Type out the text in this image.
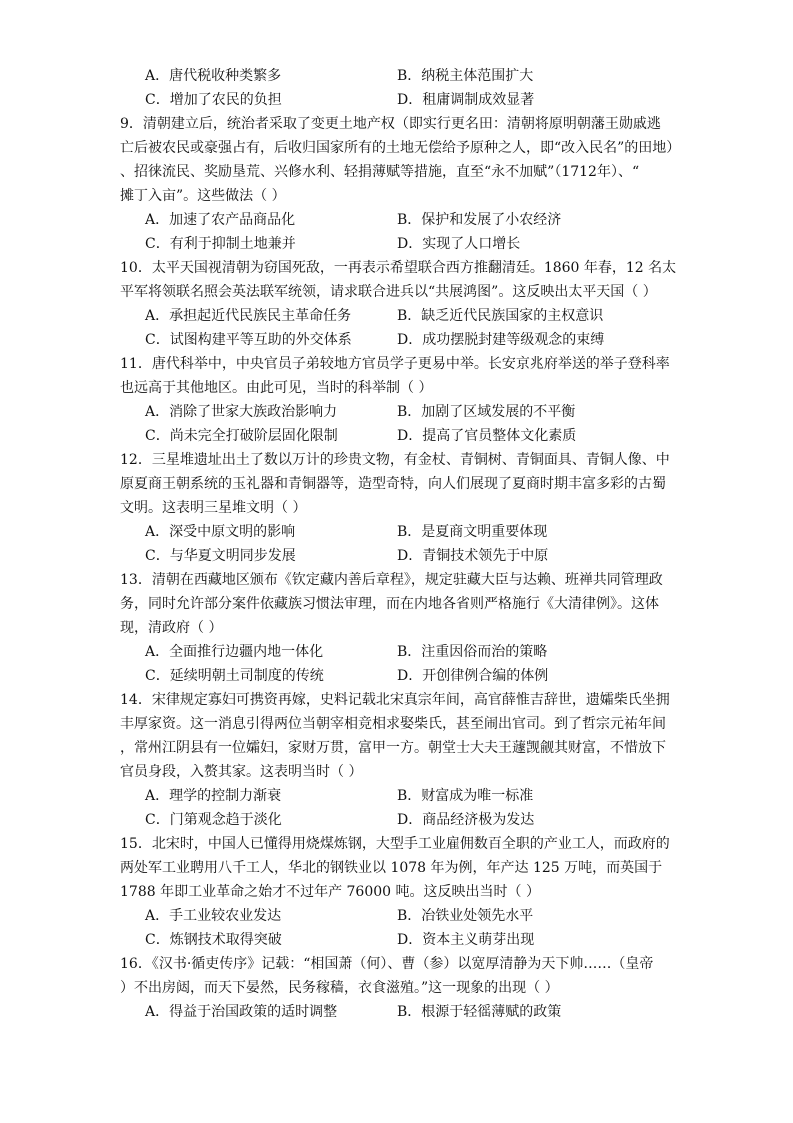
A．唐代税收种类繁多	B．纳税主体范围扩大
C．增加了农民的负担	D．租庸调制成效显著
9．清朝建立后，统治者采取了变更土地产权（即实行更名田：清朝将原明朝藩王勋戚逃
亡后被农民或豪强占有，后收归国家所有的土地无偿给予原种之人，即“改入民名”的田地）
、招徕流民、奖励垦荒、兴修水利、轻捐薄赋等措施，直至“永不加赋”（1712年）、“
摊丁入亩”。这些做法（ ）
A．加速了农产品商品化	B．保护和发展了小农经济
C．有利于抑制土地兼并	D．实现了人口增长
10．太平天国视清朝为窃国死敌，一再表示希望联合西方推翻清廷。1860 年春，12 名太
平军将领联名照会英法联军统领，请求联合进兵以“共展鸿图”。这反映出太平天国（ ）
A．承担起近代民族民主革命任务	B．缺乏近代民族国家的主权意识
C．试图构建平等互助的外交体系	D．成功摆脱封建等级观念的束缚
11．唐代科举中，中央官员子弟较地方官员学子更易中举。长安京兆府举送的举子登科率
也远高于其他地区。由此可见，当时的科举制（ ）
A．消除了世家大族政治影响力	B．加剧了区域发展的不平衡
C．尚未完全打破阶层固化限制	D．提高了官员整体文化素质
12．三星堆遗址出土了数以万计的珍贵文物，有金杖、青铜树、青铜面具、青铜人像、中
原夏商王朝系统的玉礼器和青铜器等，造型奇特，向人们展现了夏商时期丰富多彩的古蜀
文明。这表明三星堆文明（ ）
A．深受中原文明的影响	B．是夏商文明重要体现
C．与华夏文明同步发展	D．青铜技术领先于中原
13．清朝在西藏地区颁布《钦定藏内善后章程》，规定驻藏大臣与达赖、班禅共同管理政
务，同时允许部分案件依藏族习惯法审理，而在内地各省则严格施行《大清律例》。这体
现，清政府（ ）
A．全面推行边疆内地一体化	B．注重因俗而治的策略
C．延续明朝土司制度的传统	D．开创律例合编的体例
14．宋律规定寡妇可携资再嫁，史料记载北宋真宗年间，高官薛惟吉辞世，遗孀柴氏坐拥
丰厚家资。这一消息引得两位当朝宰相竞相求娶柴氏，甚至闹出官司。到了哲宗元祐年间
，常州江阴县有一位孀妇，家财万贯，富甲一方。朝堂士大夫王蘧觊觎其财富，不惜放下
官员身段，入赘其家。这表明当时（ ）
A．理学的控制力渐衰	B．财富成为唯一标准
C．门第观念趋于淡化	D．商品经济极为发达
15．北宋时，中国人已懂得用烧煤炼钢，大型手工业雇佣数百全职的产业工人，而政府的
两处军工业聘用八千工人，华北的钢铁业以 1078 年为例，年产达 125 万吨，而英国于
1788 年即工业革命之始才不过年产 76000 吨。这反映出当时（ ）
A．手工业较农业发达	B．冶铁业处领先水平
C．炼钢技术取得突破	D．资本主义萌芽出现
16．《汉书·循吏传序》记载：“相国萧（何）、曹（参）以宽厚清静为天下帅……（皇帝
）不出房闼，而天下晏然，民务稼穑，衣食滋殖。”这一现象的出现（ ）
A．得益于治国政策的适时调整	B．根源于轻徭薄赋的政策
